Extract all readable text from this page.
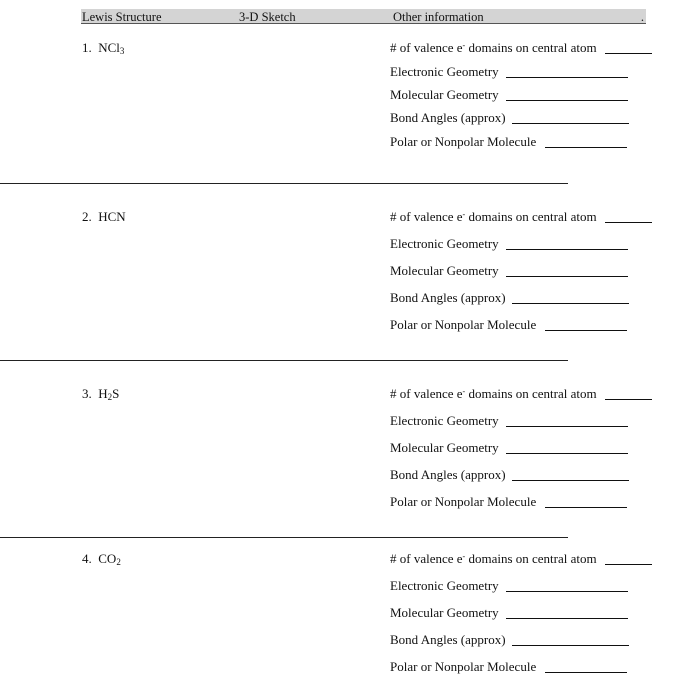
Lewis Structure	3-D Sketch	Other information	.
1. NCl$_3$	# of valence e- domains on central atom
Electronic Geometry
Molecular Geometry
Bond Angles (approx)
Polar or Nonpolar Molecule
2. HCN	# of valence e- domains on central atom
Electronic Geometry
Molecular Geometry
Bond Angles (approx)
Polar or Nonpolar Molecule
3. $H_2S$	# of valence e- domains on central atom
Electronic Geometry
Molecular Geometry
Bond Angles (approx)
Polar or Nonpolar Molecule
4. $CO_2$	# of valence e- domains on central atom
Electronic Geometry
Molecular Geometry
Bond Angles (approx)
Polar or Nonpolar Molecule
